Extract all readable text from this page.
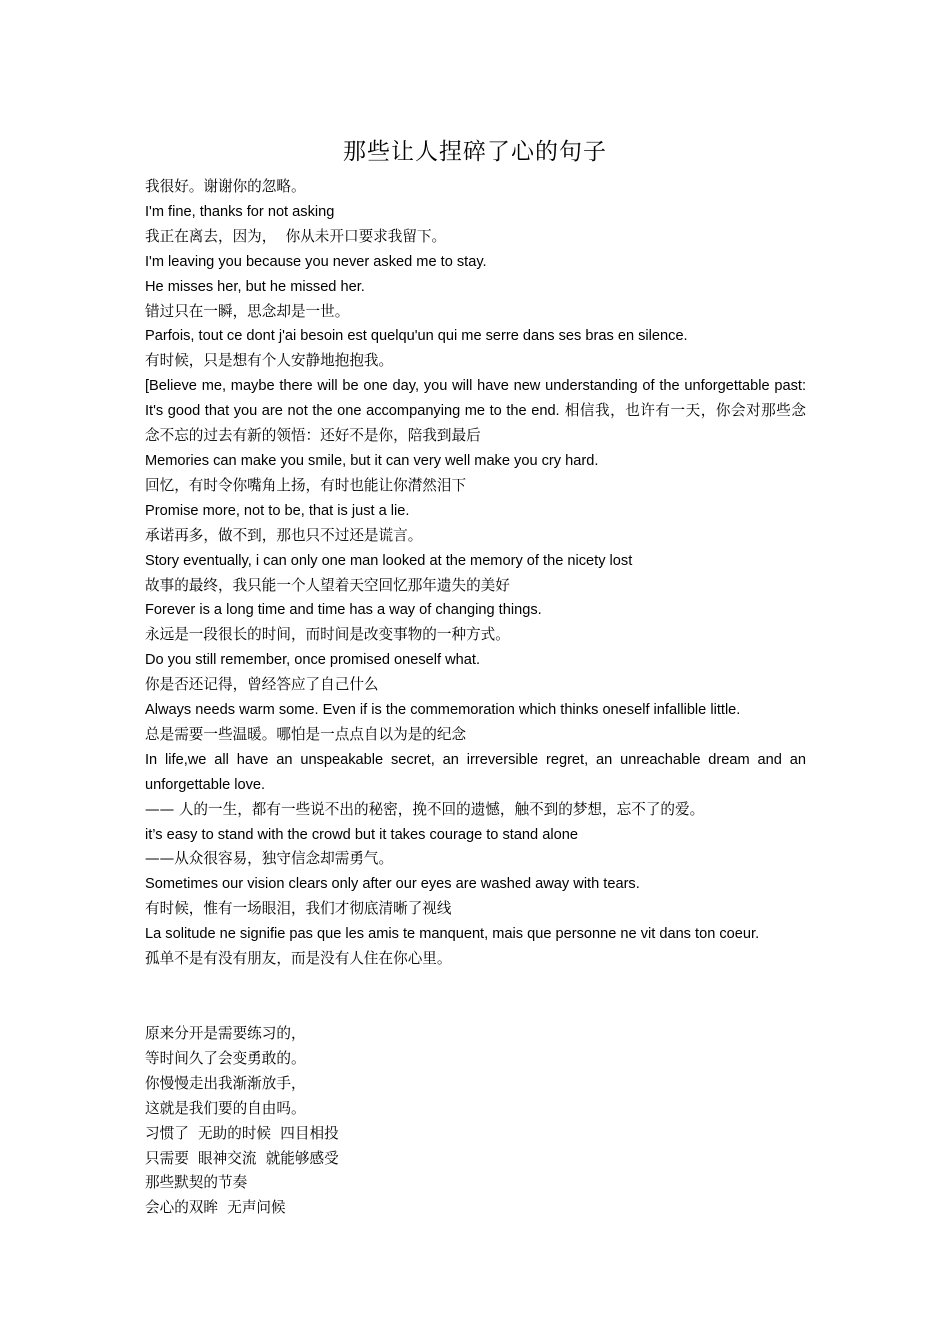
那些让人捏碎了心的句子
我很好。谢谢你的忽略。
I'm fine, thanks for not asking
我正在离去，因为，  你从未开口要求我留下。
I'm leaving you because you never asked me to stay.
He misses her, but he missed her.
错过只在一瞬，思念却是一世。
Parfois, tout ce dont j'ai besoin est quelqu'un qui me serre dans ses bras en silence.
有时候，只是想有个人安静地抱抱我。
[Believe me, maybe there will be one day, you will have new understanding of the unforgettable past: It's good that you are not the one accompanying me to the end. 相信我，也许有一天，你会对那些念念不忘的过去有新的领悟：还好不是你，陪我到最后
Memories can make you smile, but it can very well make you cry hard.
回忆，有时令你嘴角上扬，有时也能让你潸然泪下
Promise more, not to be, that is just a lie.
承诺再多，做不到，那也只不过还是谎言。
Story eventually, i can only one man looked at the memory of the nicety lost
故事的最终，我只能一个人望着天空回忆那年遗失的美好
Forever is a long time and time has a way of changing things.
永远是一段很长的时间，而时间是改变事物的一种方式。
Do you still remember, once promised oneself what.
你是否还记得，曾经答应了自己什么
Always needs warm some. Even if is the commemoration which thinks oneself infallible little.
总是需要一些温暖。哪怕是一点点自以为是的纪念
In life,we all have an unspeakable secret, an irreversible regret, an unreachable dream and an unforgettable love.
—— 人的一生，都有一些说不出的秘密，挽不回的遗憾，触不到的梦想，忘不了的爱。
it’s easy to stand with the crowd but it takes courage to stand alone
——从众很容易，独守信念却需勇气。
Sometimes our vision clears only after our eyes are washed away with tears.
有时候，惟有一场眼泪，我们才彻底清晰了视线
La solitude ne signifie pas que les amis te manquent, mais que personne ne vit dans ton coeur.
孤单不是有没有朋友，而是没有人住在你心里。
原来分开是需要练习的，
等时间久了会变勇敢的。
你慢慢走出我渐渐放手，
这就是我们要的自由吗。
习惯了  无助的时候  四目相投
只需要  眼神交流  就能够感受
那些默契的节奏
会心的双眸  无声问候
